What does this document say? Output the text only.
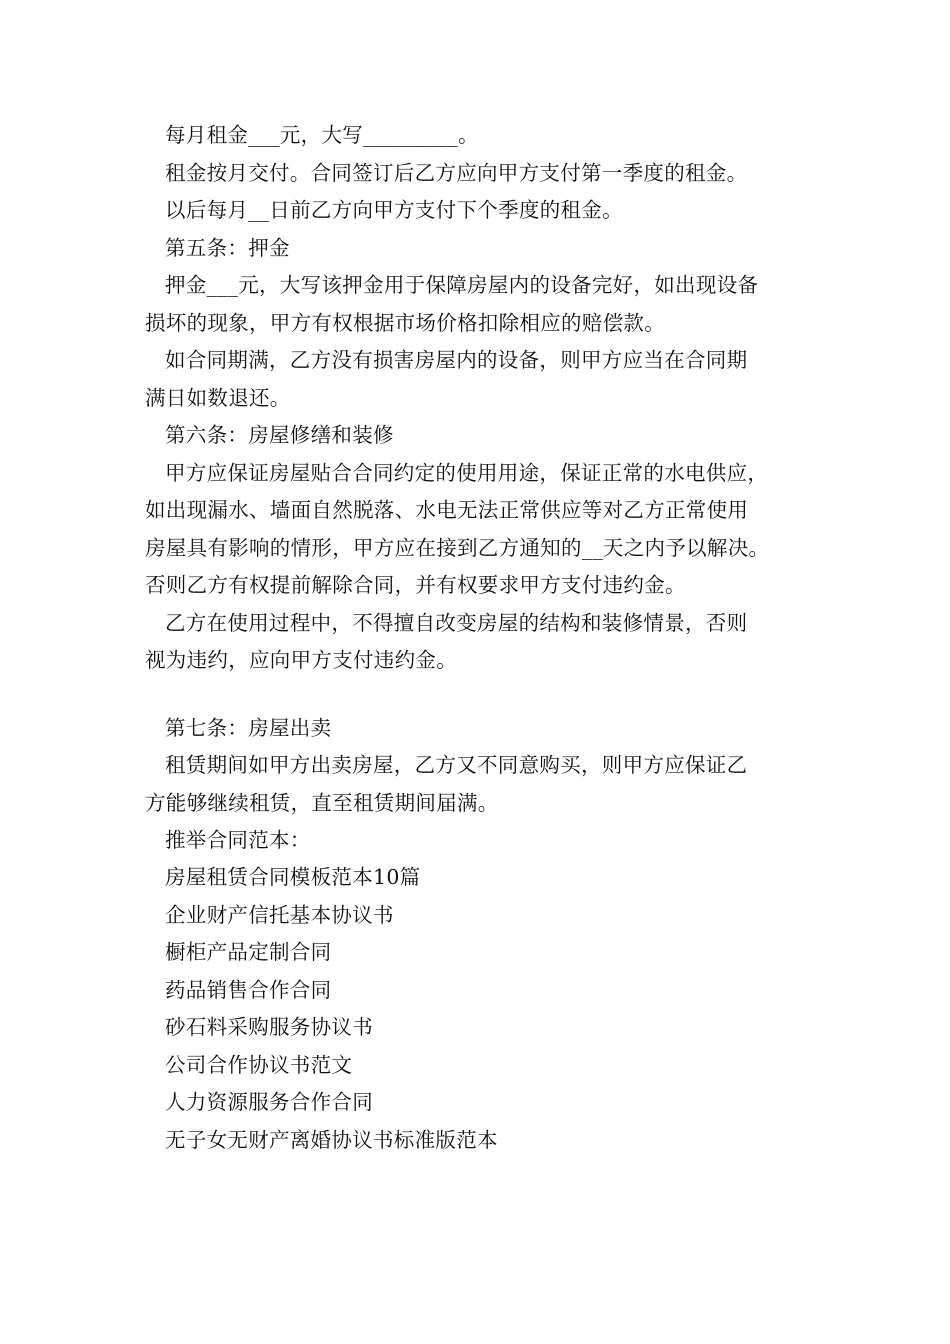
每月租金___元，大写_________。
租金按月交付。合同签订后乙方应向甲方支付第一季度的租金。
以后每月__日前乙方向甲方支付下个季度的租金。
第五条：押金
押金___元，大写该押金用于保障房屋内的设备完好，如出现设备
损坏的现象，甲方有权根据市场价格扣除相应的赔偿款。
如合同期满，乙方没有损害房屋内的设备，则甲方应当在合同期
满日如数退还。
第六条：房屋修缮和装修
甲方应保证房屋贴合合同约定的使用用途，保证正常的水电供应，
如出现漏水、墙面自然脱落、水电无法正常供应等对乙方正常使用
房屋具有影响的情形，甲方应在接到乙方通知的__天之内予以解决。
否则乙方有权提前解除合同，并有权要求甲方支付违约金。
乙方在使用过程中，不得擅自改变房屋的结构和装修情景，否则
视为违约，应向甲方支付违约金。
第七条：房屋出卖
租赁期间如甲方出卖房屋，乙方又不同意购买，则甲方应保证乙
方能够继续租赁，直至租赁期间届满。
推举合同范本：
房屋租赁合同模板范本10篇
企业财产信托基本协议书
橱柜产品定制合同
药品销售合作合同
砂石料采购服务协议书
公司合作协议书范文
人力资源服务合作合同
无子女无财产离婚协议书标准版范本
